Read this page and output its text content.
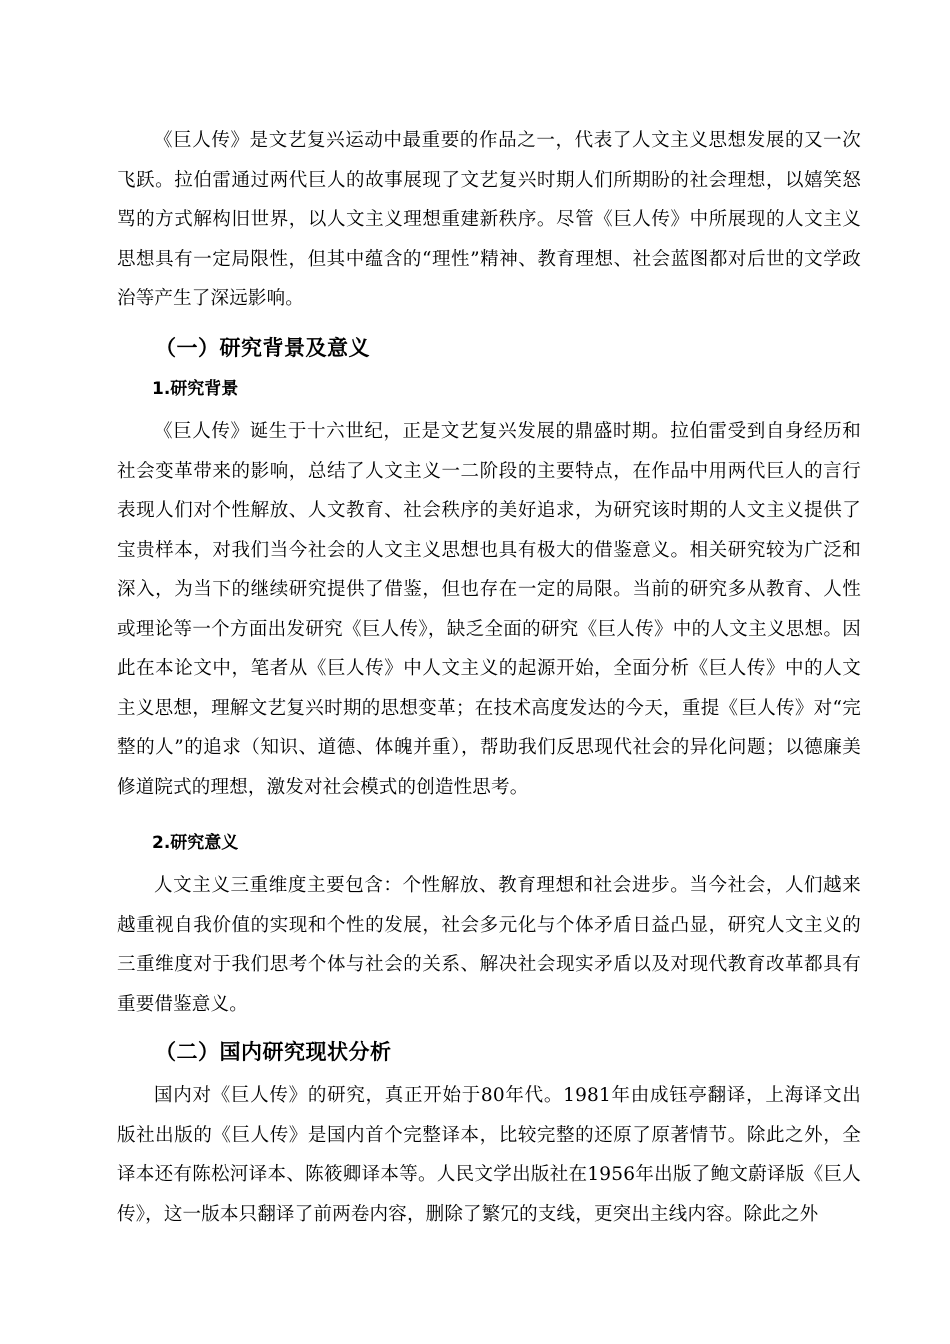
《巨人传》是文艺复兴运动中最重要的作品之一，代表了人文主义思想发展的又一次飞跃。拉伯雷通过两代巨人的故事展现了文艺复兴时期人们所期盼的社会理想，以嬉笑怒骂的方式解构旧世界，以人文主义理想重建新秩序。尽管《巨人传》中所展现的人文主义思想具有一定局限性，但其中蕴含的“理性”精神、教育理想、社会蓝图都对后世的文学政治等产生了深远影响。

（一）研究背景及意义
1.研究背景

《巨人传》诞生于十六世纪，正是文艺复兴发展的鼎盛时期。拉伯雷受到自身经历和社会变革带来的影响，总结了人文主义一二阶段的主要特点，在作品中用两代巨人的言行表现人们对个性解放、人文教育、社会秩序的美好追求，为研究该时期的人文主义提供了宝贵样本，对我们当今社会的人文主义思想也具有极大的借鉴意义。相关研究较为广泛和深入，为当下的继续研究提供了借鉴，但也存在一定的局限。当前的研究多从教育、人性或理论等一个方面出发研究《巨人传》，缺乏全面的研究《巨人传》中的人文主义思想。因此在本论文中，笔者从《巨人传》中人文主义的起源开始，全面分析《巨人传》中的人文主义思想，理解文艺复兴时期的思想变革；在技术高度发达的今天，重提《巨人传》对“完整的人”的追求（知识、道德、体魄并重），帮助我们反思现代社会的异化问题；以德廉美修道院式的理想，激发对社会模式的创造性思考。

2.研究意义

人文主义三重维度主要包含：个性解放、教育理想和社会进步。当今社会，人们越来越重视自我价值的实现和个性的发展，社会多元化与个体矛盾日益凸显，研究人文主义的三重维度对于我们思考个体与社会的关系、解决社会现实矛盾以及对现代教育改革都具有重要借鉴意义。

（二）国内研究现状分析

国内对《巨人传》的研究，真正开始于80年代。1981年由成钰亭翻译，上海译文出版社出版的《巨人传》是国内首个完整译本，比较完整的还原了原著情节。除此之外，全译本还有陈松河译本、陈筱卿译本等。人民文学出版社在1956年出版了鲍文蔚译版《巨人传》，这一版本只翻译了前两卷内容，删除了繁冗的支线，更突出主线内容。除此之外
